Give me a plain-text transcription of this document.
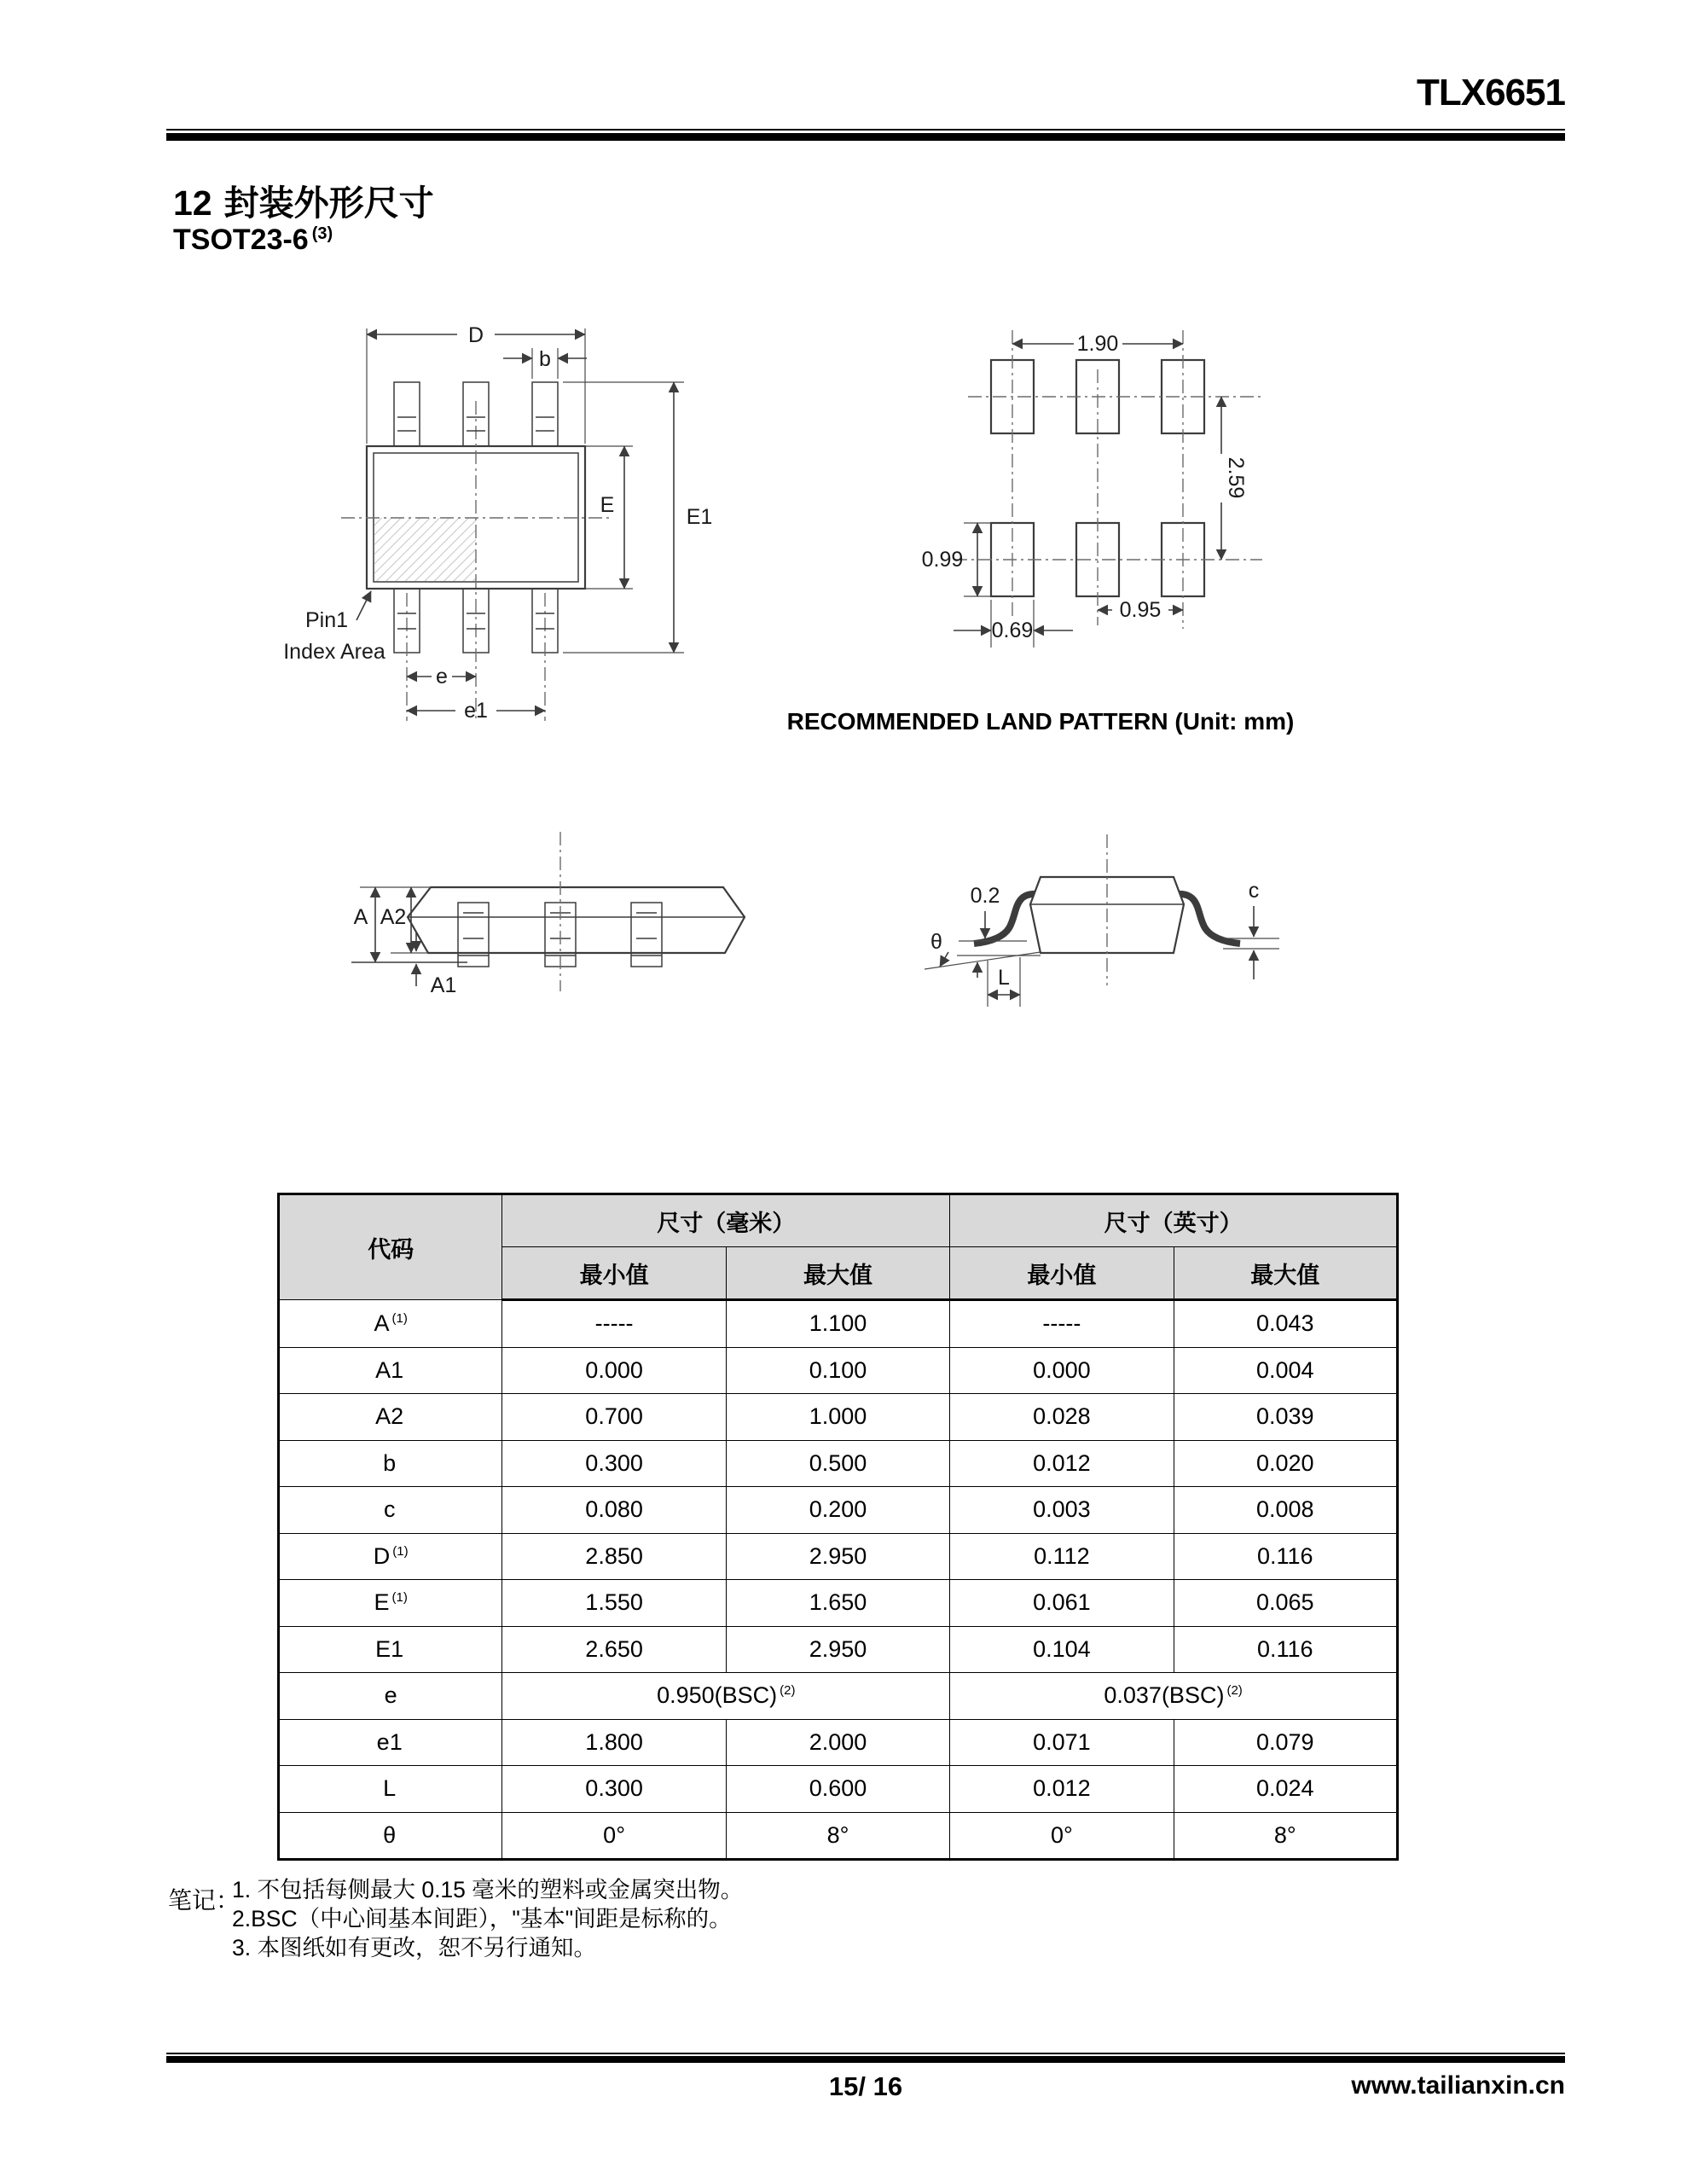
TLX6651
12 封装外形尺寸
TSOT23-6 $^{(3)}$
D
b
E	E1
Pin1
Index Area
e
e1
1.90
2.59
0.99
0.69
0.95
RECOMMENDED LAND PATTERN (Unit: mm)
A A2
A1
c
0.2
θ
L
代码	尺寸（毫米）		尺寸（英寸）	
	最小值	最大值	最小值	最大值
A $^{(1)}$	-----	1.100	-----	0.043
A1	0.000	0.100	0.000	0.004
A2	0.700	1.000	0.028	0.039
b	0.300	0.500	0.012	0.020
c	0.080	0.200	0.003	0.008
D $^{(1)}$	2.850	2.950	0.112	0.116
E $^{(1)}$	1.550	1.650	0.061	0.065
E1	2.650	2.950	0.104	0.116
e	0.950(BSC) $^{(2)}$		0.037(BSC) $^{(2)}$
e1	1.800	2.000	0.071	0.079
L	0.300	0.600	0.012	0.024
θ	0°	8°	0°	8°
笔记：
1. 不包括每侧最大 0.15 毫米的塑料或金属突出物。
2.BSC（中心间基本间距），"基本"间距是标称的。
3. 本图纸如有更改，恕不另行通知。
15/ 16	www.tailianxin.cn
